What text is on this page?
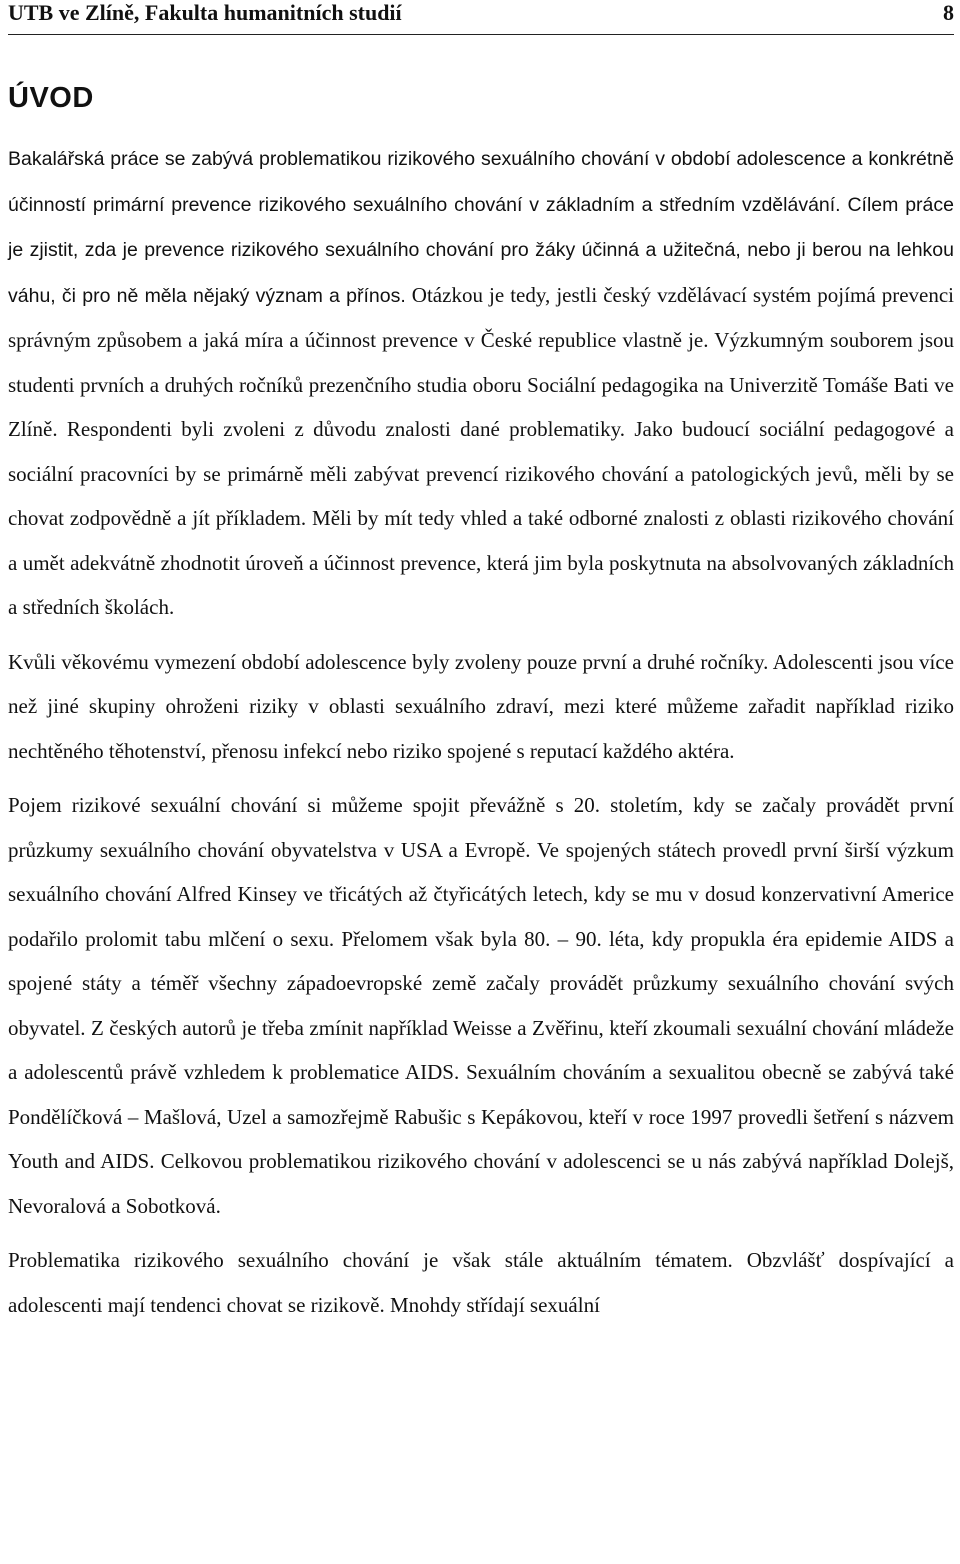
UTB ve Zlíně, Fakulta humanitních studií	8
ÚVOD

Bakalářská práce se zabývá problematikou rizikového sexuálního chování v období adolescence a konkrétně účinností primární prevence rizikového sexuálního chování v základním a středním vzdělávání. Cílem práce je zjistit, zda je prevence rizikového sexuálního chování pro žáky účinná a užitečná, nebo ji berou na lehkou váhu, či pro ně měla nějaký význam a přínos. Otázkou je tedy, jestli český vzdělávací systém pojímá prevenci správným způsobem a jaká míra a účinnost prevence v České republice vlastně je. Výzkumným souborem jsou studenti prvních a druhých ročníků prezenčního studia oboru Sociální pedagogika na Univerzitě Tomáše Bati ve Zlíně. Respondenti byli zvoleni z důvodu znalosti dané problematiky. Jako budoucí sociální pedagogové a sociální pracovníci by se primárně měli zabývat prevencí rizikového chování a patologických jevů, měli by se chovat zodpovědně a jít příkladem. Měli by mít tedy vhled a také odborné znalosti z oblasti rizikového chování a umět adekvátně zhodnotit úroveň a účinnost prevence, která jim byla poskytnuta na absolvovaných základních a středních školách.

Kvůli věkovému vymezení období adolescence byly zvoleny pouze první a druhé ročníky. Adolescenti jsou více než jiné skupiny ohroženi riziky v oblasti sexuálního zdraví, mezi které můžeme zařadit například riziko nechtěného těhotenství, přenosu infekcí nebo riziko spojené s reputací každého aktéra.

Pojem rizikové sexuální chování si můžeme spojit převážně s 20. stoletím, kdy se začaly provádět první průzkumy sexuálního chování obyvatelstva v USA a Evropě. Ve spojených státech provedl první širší výzkum sexuálního chování Alfred Kinsey ve třicátých až čtyřicátých letech, kdy se mu v dosud konzervativní Americe podařilo prolomit tabu mlčení o sexu. Přelomem však byla 80. – 90. léta, kdy propukla éra epidemie AIDS a spojené státy a téměř všechny západoevropské země začaly provádět průzkumy sexuálního chování svých obyvatel. Z českých autorů je třeba zmínit například Weisse a Zvěřinu, kteří zkoumali sexuální chování mládeže a adolescentů právě vzhledem k problematice AIDS. Sexuálním chováním a sexualitou obecně se zabývá také Pondělíčková – Mašlová, Uzel a samozřejmě Rabušic s Kepákovou, kteří v roce 1997 provedli šetření s názvem Youth and AIDS. Celkovou problematikou rizikového chování v adolescenci se u nás zabývá například Dolejš, Nevoralová a Sobotková.

Problematika rizikového sexuálního chování je však stále aktuálním tématem. Obzvlášť dospívající a adolescenti mají tendenci chovat se rizikově. Mnohdy střídají sexuální
